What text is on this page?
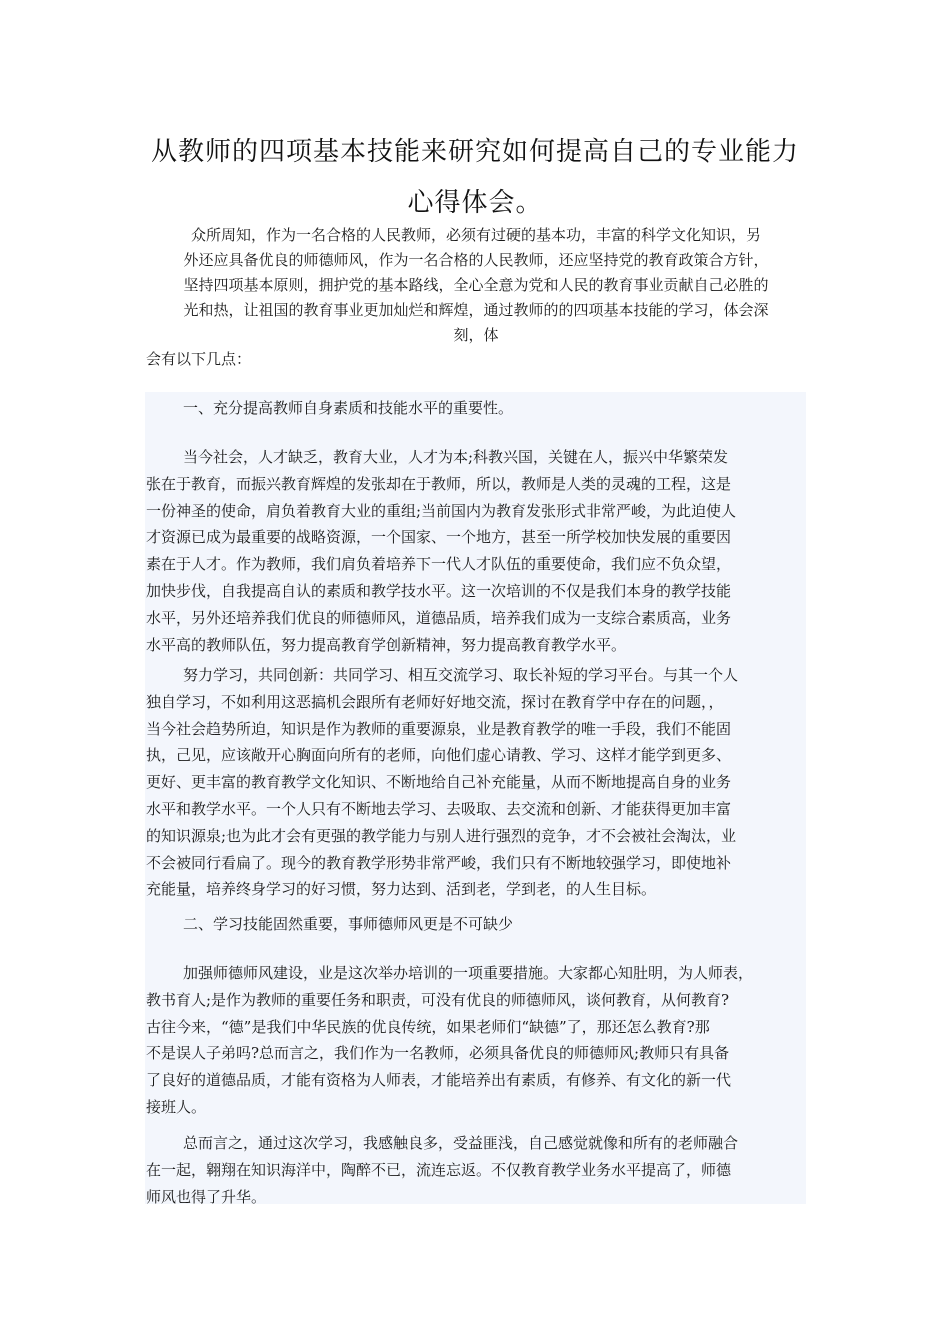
从教师的四项基本技能来研究如何提高自己的专业能力
心得体会。
众所周知，作为一名合格的人民教师，必须有过硬的基本功，丰富的科学文化知识，另
外还应具备优良的师德师风，作为一名合格的人民教师，还应坚持党的教育政策合方针，
坚持四项基本原则，拥护党的基本路线，全心全意为党和人民的教育事业贡献自己必胜的
光和热，让祖国的教育事业更加灿烂和辉煌，通过教师的的四项基本技能的学习，体会深
刻，体
会有以下几点：
一、充分提高教师自身素质和技能水平的重要性。
当今社会，人才缺乏，教育大业，人才为本;科教兴国，关键在人，振兴中华繁荣发
张在于教育，而振兴教育辉煌的发张却在于教师，所以，教师是人类的灵魂的工程，这是
一份神圣的使命，肩负着教育大业的重组;当前国内为教育发张形式非常严峻，为此迫使人
才资源已成为最重要的战略资源，一个国家、一个地方，甚至一所学校加快发展的重要因
素在于人才。作为教师，我们肩负着培养下一代人才队伍的重要使命，我们应不负众望，
加快步伐，自我提高自认的素质和教学技水平。这一次培训的不仅是我们本身的教学技能
水平，另外还培养我们优良的师德师风，道德品质，培养我们成为一支综合素质高，业务
水平高的教师队伍，努力提高教育学创新精神，努力提高教育教学水平。
努力学习，共同创新：共同学习、相互交流学习、取长补短的学习平台。与其一个人
独自学习，不如利用这恶搞机会跟所有老师好好地交流，探讨在教育学中存在的问题，，
当今社会趋势所迫，知识是作为教师的重要源泉，业是教育教学的唯一手段，我们不能固
执，己见，应该敞开心胸面向所有的老师，向他们虚心请教、学习、这样才能学到更多、
更好、更丰富的教育教学文化知识、不断地给自己补充能量，从而不断地提高自身的业务
水平和教学水平。一个人只有不断地去学习、去吸取、去交流和创新、才能获得更加丰富
的知识源泉;也为此才会有更强的教学能力与别人进行强烈的竞争，才不会被社会淘汰，业
不会被同行看扁了。现今的教育教学形势非常严峻，我们只有不断地较强学习，即使地补
充能量，培养终身学习的好习惯，努力达到、活到老，学到老，的人生目标。
二、学习技能固然重要，事师德师风更是不可缺少
加强师德师风建设，业是这次举办培训的一项重要措施。大家都心知肚明，为人师表，
教书育人;是作为教师的重要任务和职责，可没有优良的师德师风，谈何教育，从何教育?
古往今来，“德”是我们中华民族的优良传统，如果老师们“缺德”了，那还怎么教育?那
不是误人子弟吗?总而言之，我们作为一名教师，必须具备优良的师德师风;教师只有具备
了良好的道德品质，才能有资格为人师表，才能培养出有素质，有修养、有文化的新一代
接班人。
总而言之，通过这次学习，我感触良多，受益匪浅，自己感觉就像和所有的老师融合
在一起，翱翔在知识海洋中，陶醉不已，流连忘返。不仅教育教学业务水平提高了，师德
师风也得了升华。
